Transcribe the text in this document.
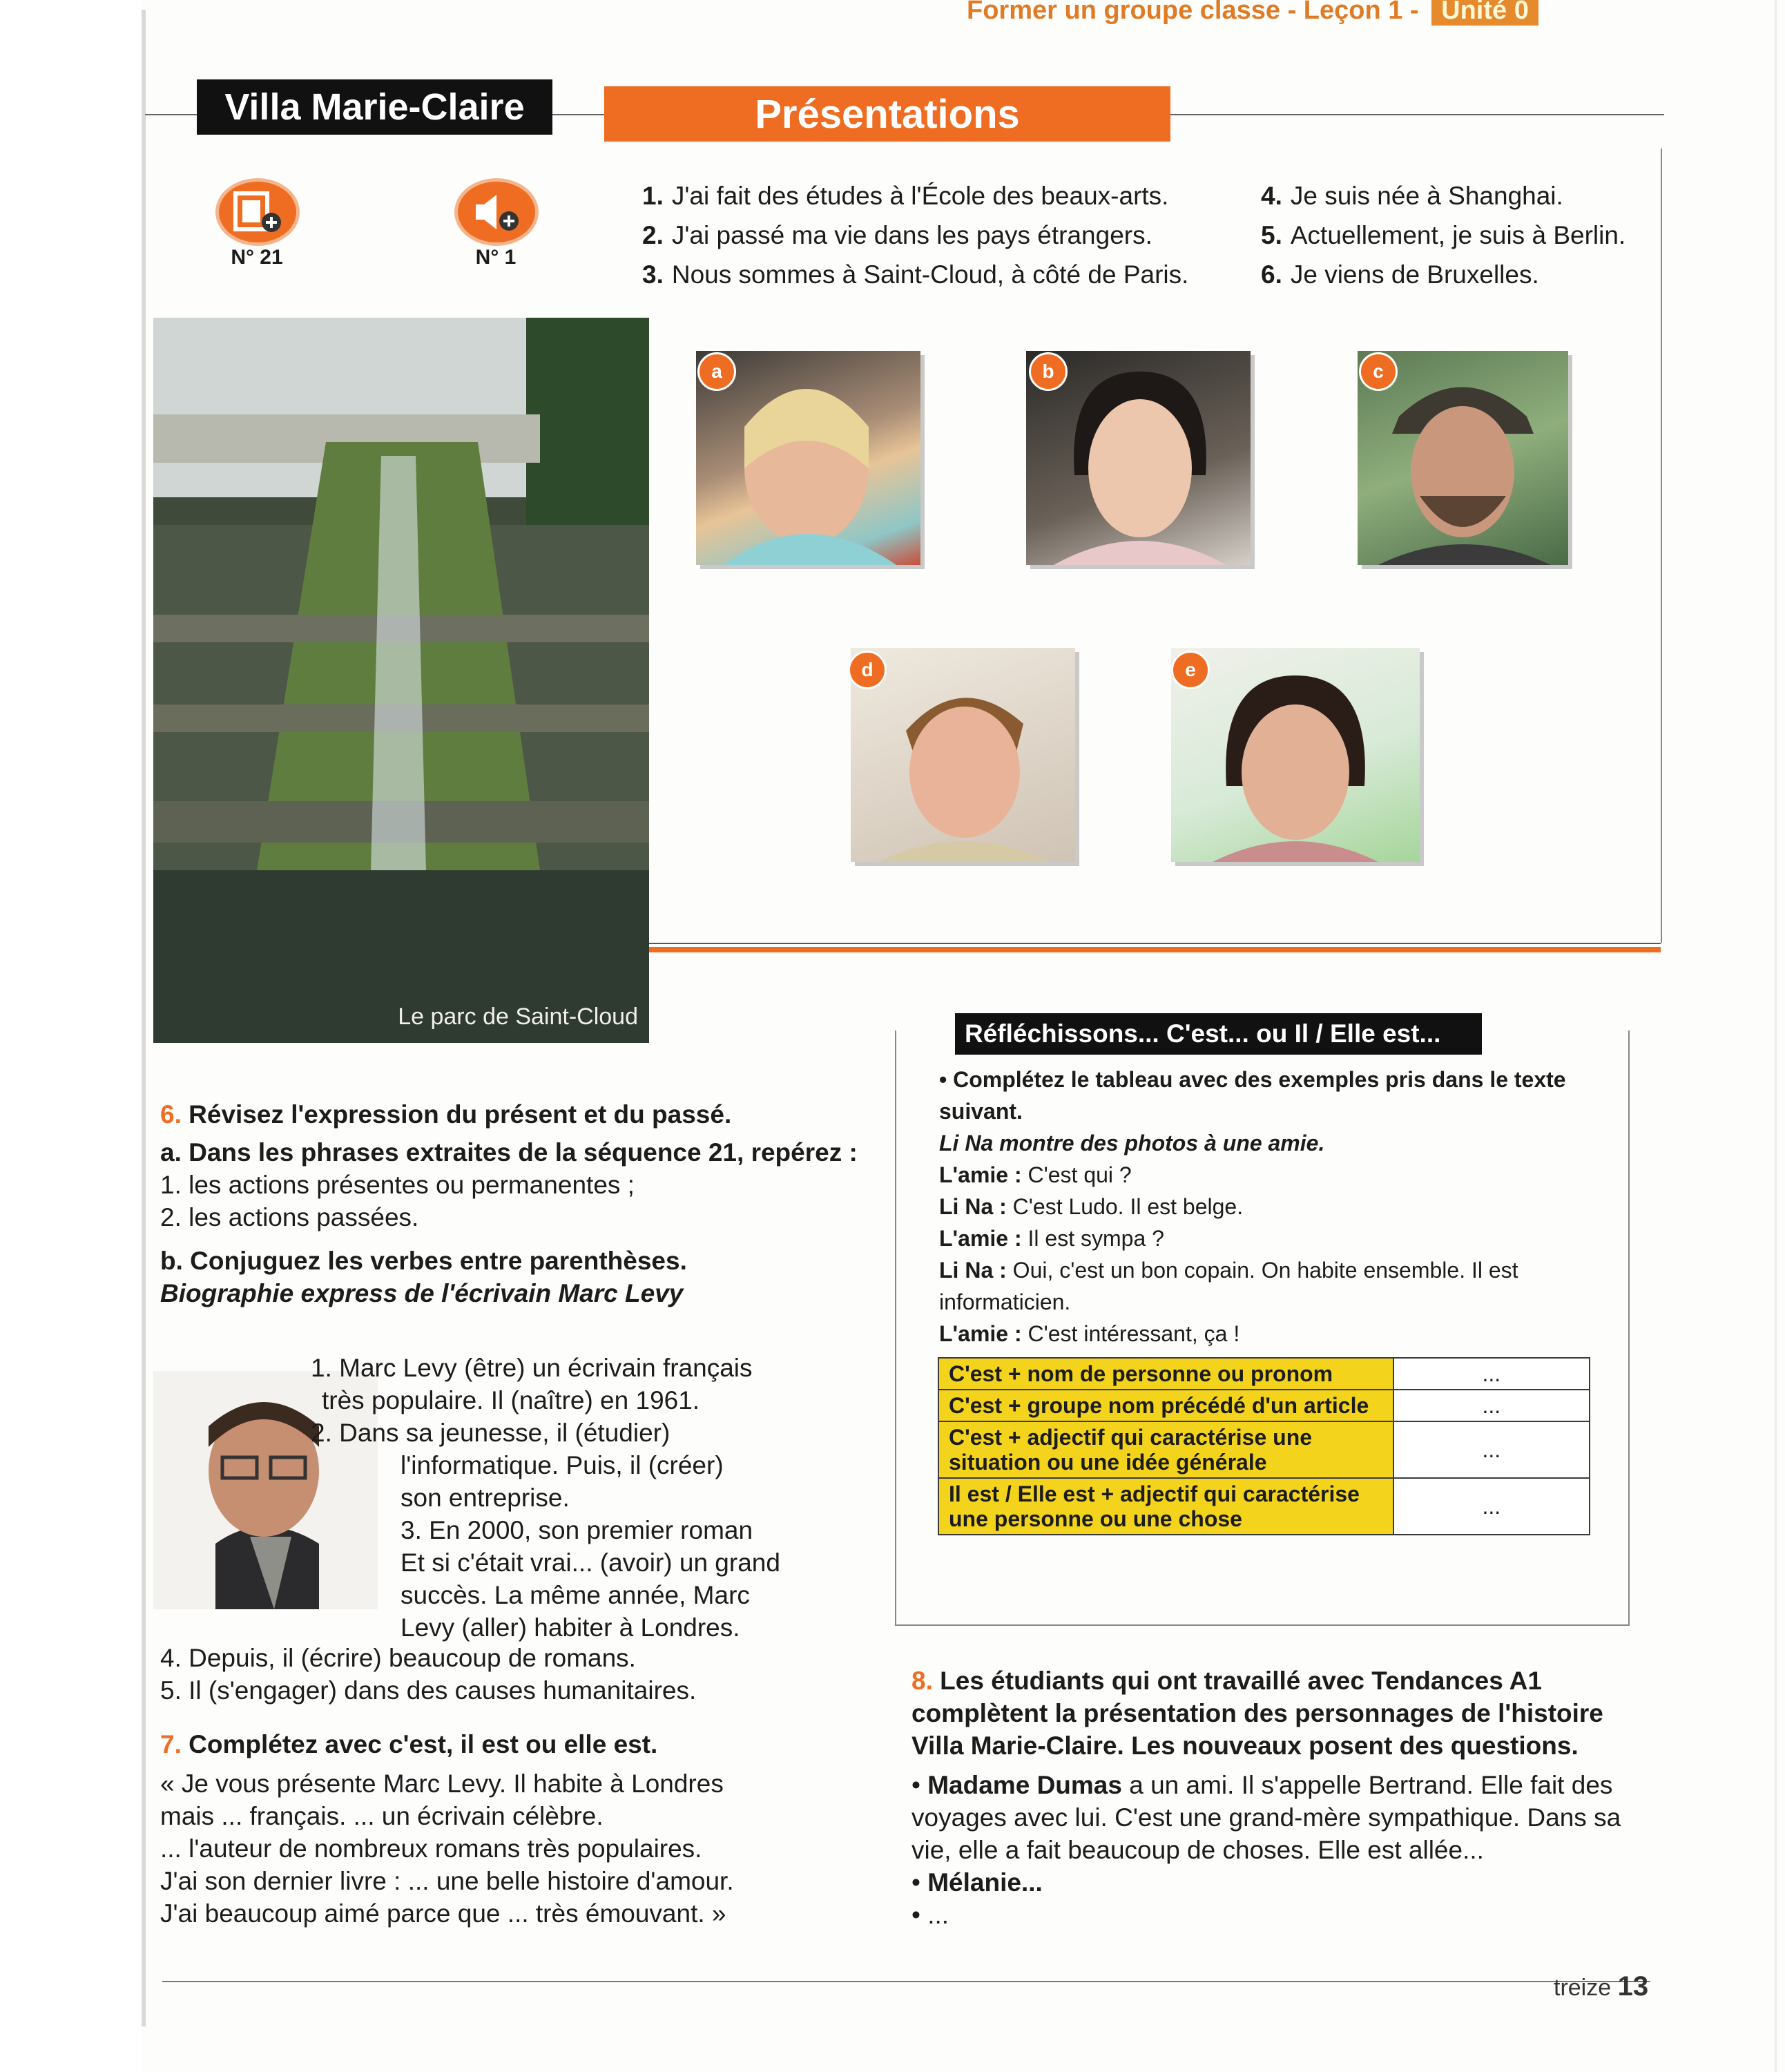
Former un groupe classe - Leçon 1 - Unité 0
Villa Marie-Claire	Présentations
N° 21	N° 1
1. J'ai fait des études à l'École des beaux-arts.
2. J'ai passé ma vie dans les pays étrangers.
3. Nous sommes à Saint-Cloud, à côté de Paris.
4. Je suis née à Shanghai.
5. Actuellement, je suis à Berlin.
6. Je viens de Bruxelles.
a	b	c
d	e
Le parc de Saint-Cloud
6. Révisez l'expression du présent et du passé.
a. Dans les phrases extraites de la séquence 21, repérez :
1. les actions présentes ou permanentes ;
2. les actions passées.
b. Conjuguez les verbes entre parenthèses.
Biographie express de l'écrivain Marc Levy
1. Marc Levy (être) un écrivain français
très populaire. Il (naître) en 1961.
2. Dans sa jeunesse, il (étudier)
l'informatique. Puis, il (créer)
son entreprise.
3. En 2000, son premier roman
Et si c'était vrai... (avoir) un grand
succès. La même année, Marc
Levy (aller) habiter à Londres.
4. Depuis, il (écrire) beaucoup de romans.
5. Il (s'engager) dans des causes humanitaires.
7. Complétez avec c'est, il est ou elle est.
« Je vous présente Marc Levy. Il habite à Londres
mais ... français. ... un écrivain célèbre.
... l'auteur de nombreux romans très populaires.
J'ai son dernier livre : ... une belle histoire d'amour.
J'ai beaucoup aimé parce que ... très émouvant. »
Réfléchissons... C'est... ou Il / Elle est...
• Complétez le tableau avec des exemples pris dans le texte suivant.
Li Na montre des photos à une amie.
L'amie : C'est qui ?
Li Na : C'est Ludo. Il est belge.
L'amie : Il est sympa ?
Li Na : Oui, c'est un bon copain. On habite ensemble. Il est informaticien.
L'amie : C'est intéressant, ça !
C'est + nom de personne ou pronom	...
C'est + groupe nom précédé d'un article	...
C'est + adjectif qui caractérise une situation ou une idée générale	...
Il est / Elle est + adjectif qui caractérise une personne ou une chose	...
8. Les étudiants qui ont travaillé avec Tendances A1 complètent la présentation des personnages de l'histoire Villa Marie-Claire. Les nouveaux posent des questions.
• Madame Dumas a un ami. Il s'appelle Bertrand. Elle fait des voyages avec lui. C'est une grand-mère sympathique. Dans sa vie, elle a fait beaucoup de choses. Elle est allée...
• Mélanie...
• ...
treize 13
